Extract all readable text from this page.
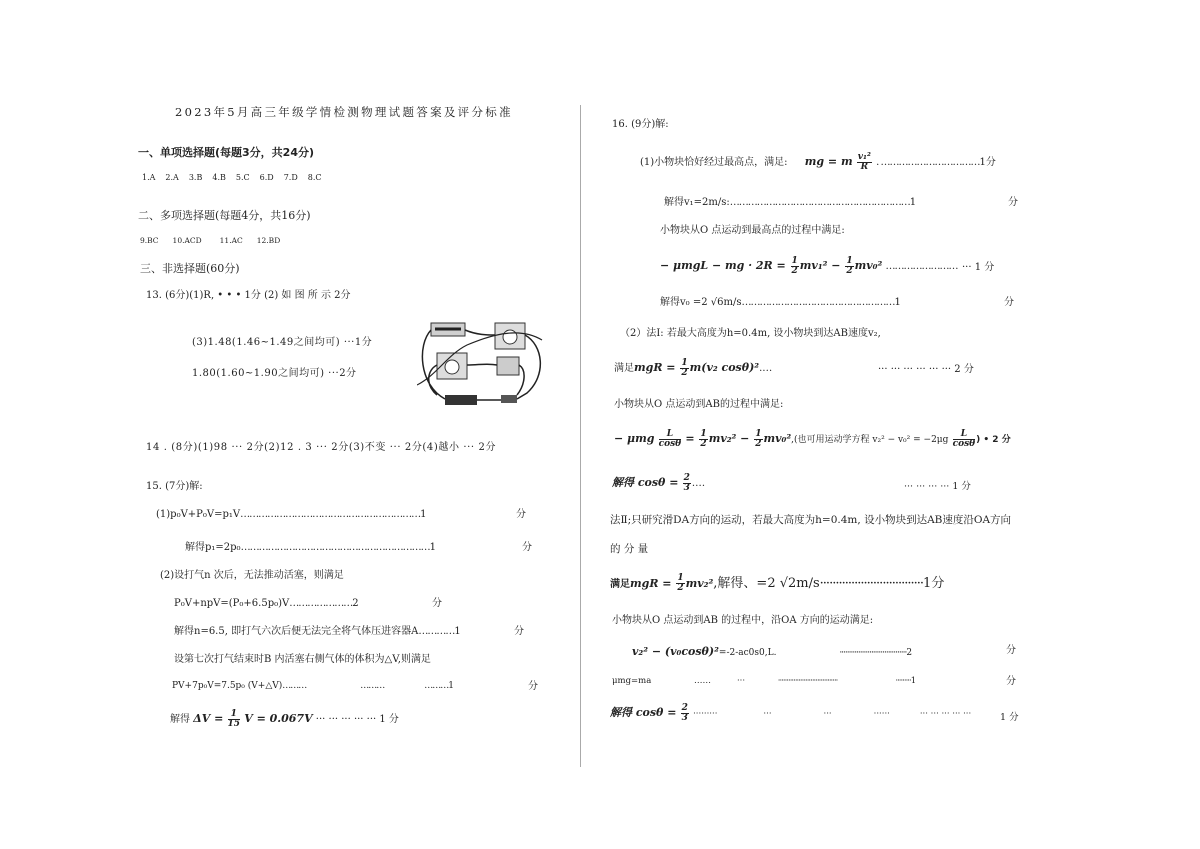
2023年5月高三年级学情检测物理试题答案及评分标准
一、单项选择题(每题3分，共24分)
1.A 2.A 3.B 4.B 5.C 6.D 7.D 8.C
二、多项选择题(每题4分，共16分)
9.BC 10.ACD 11.AC 12.BD
三、非选择题(60分)
13. (6分)(1)R, • • • 1分 (2) 如 图 所 示 2分
(3)1.48(1.46~1.49之间均可) ···1分
1.80(1.60~1.90之间均可) ···2分
14 . (8分)(1)98 ··· 2分(2)12 . 3 ··· 2分(3)不变 ··· 2分(4)越小 ··· 2分
15. (7分)解:
(1)p₀V+P₀V=p₁V……………………………………………………1	分
解得p₁=2p₀………………………………………………………1	分
(2)设打气n 次后，无法推动活塞，则满足
P₀V+npV=(P₀+6.5p₀)V…………………2	分
解得n=6.5, 即打气六次后便无法完全将气体压进容器A…………1	分
设第七次打气结束时B 内活塞右侧气体的体积为△V,则满足
PV+7p₀V=7.5p₀ (V+△V)………	………	………1	分
解得 $\Delta V = \frac{1}{15}$ V = 0.067V ··· ··· ··· ··· ··· 1 分
16. (9分)解:
(1)小物块恰好经过最高点，满足: mg = m $\frac{\text{v₁²}}{R}$ . ……………………………1分
解得v₁=2m/s:……………………………………………………1	分
小物块从O 点运动到最高点的过程中满足:
− μmgL − mg · $2R = \frac{1}{2} mv_1^2 - \frac{1}{2} mv_0^2$ …………………… ··· 1 分
解得v₀ =2 √6m/s……………………………………………1	分
（2）法I: 若最大高度为h=0.4m, 设小物块到达AB速度v₂,
满足mgR = $\frac{1}{2} m(v_2$ cosθ)².…	··· ··· ··· ··· ··· ··· 2 分
小物块从O 点运动到AB的过程中满足:
− μmg $\frac{L}{\cos\theta} = \frac{1}{2} mv_2^2 - \frac{1}{2} mv_0^2$,(也可用运动学方程 $v_2^2 - v_0^2 = -2\mu g \frac{L}{\cos\theta}$ ) • 2 分
解得 $\cos\theta = \frac{2}{3}$ .…	··· ··· ··· ··· 1 分
法Ⅱ;只研究滑DA方向的运动，若最大高度为h=0.4m, 设小物块到达AB速度沿OA方向
的 分 量
满足mgR = $\frac{1}{2} mv_2^2$,解得、=2 √2m/s·································1分
小物块从O 点运动到AB 的过程中，沿OA 方向的运动满足:
v₂² − (v₀cosθ)²=-2-ac0s0,L.	····································2	分
μmg=ma	……	···	···································	·········1	分
解得 $\cos\theta = \frac{2}{3}$ ·········	···	···	······	··· ··· ··· ··· ···	1 分
